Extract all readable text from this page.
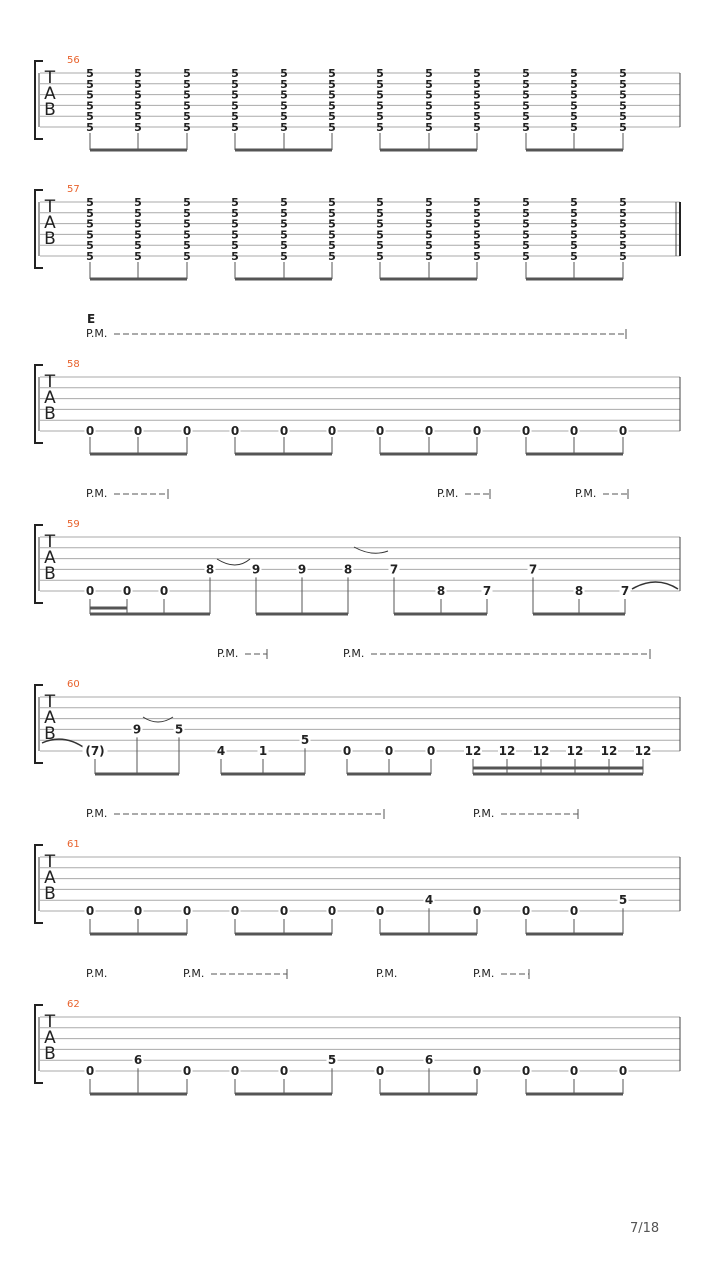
T
A
B
56
5
5
5
5
5
5
5
5
5
5
5
5
5
5
5
5
5
5
5
5
5
5
5
5
5
5
5
5
5
5
5
5
5
5
5
5
5
5
5
5
5
5
5
5
5
5
5
5
5
5
5
5
5
5
5
5
5
5
5
5
5
5
5
5
5
5
5
5
5
5
5
5
T
A
B
57
5
5
5
5
5
5
5
5
5
5
5
5
5
5
5
5
5
5
5
5
5
5
5
5
5
5
5
5
5
5
5
5
5
5
5
5
5
5
5
5
5
5
5
5
5
5
5
5
5
5
5
5
5
5
5
5
5
5
5
5
5
5
5
5
5
5
5
5
5
5
5
5
E
P.M.
T
A
B
58
0	0	0	0	0	0	0	0	0	0	0	0
P.M.	P.M.	P.M.
T
A
B
59
0 0 0
8	9	9	8	7
8	7
7
8	7
P.M.	P.M.
T
A
B
60
(7)
9	5
4	1
5
0	0	0 12 12 12 12 12 12
P.M.	P.M.
T
A
B
61
0	0	0	0	0	0	0
4
0	0	0
5
P.M.	P.M.	P.M.	P.M.
T
A
B
62
0
6
0	0	0
5
0
6
0	0	0	0
7/18
